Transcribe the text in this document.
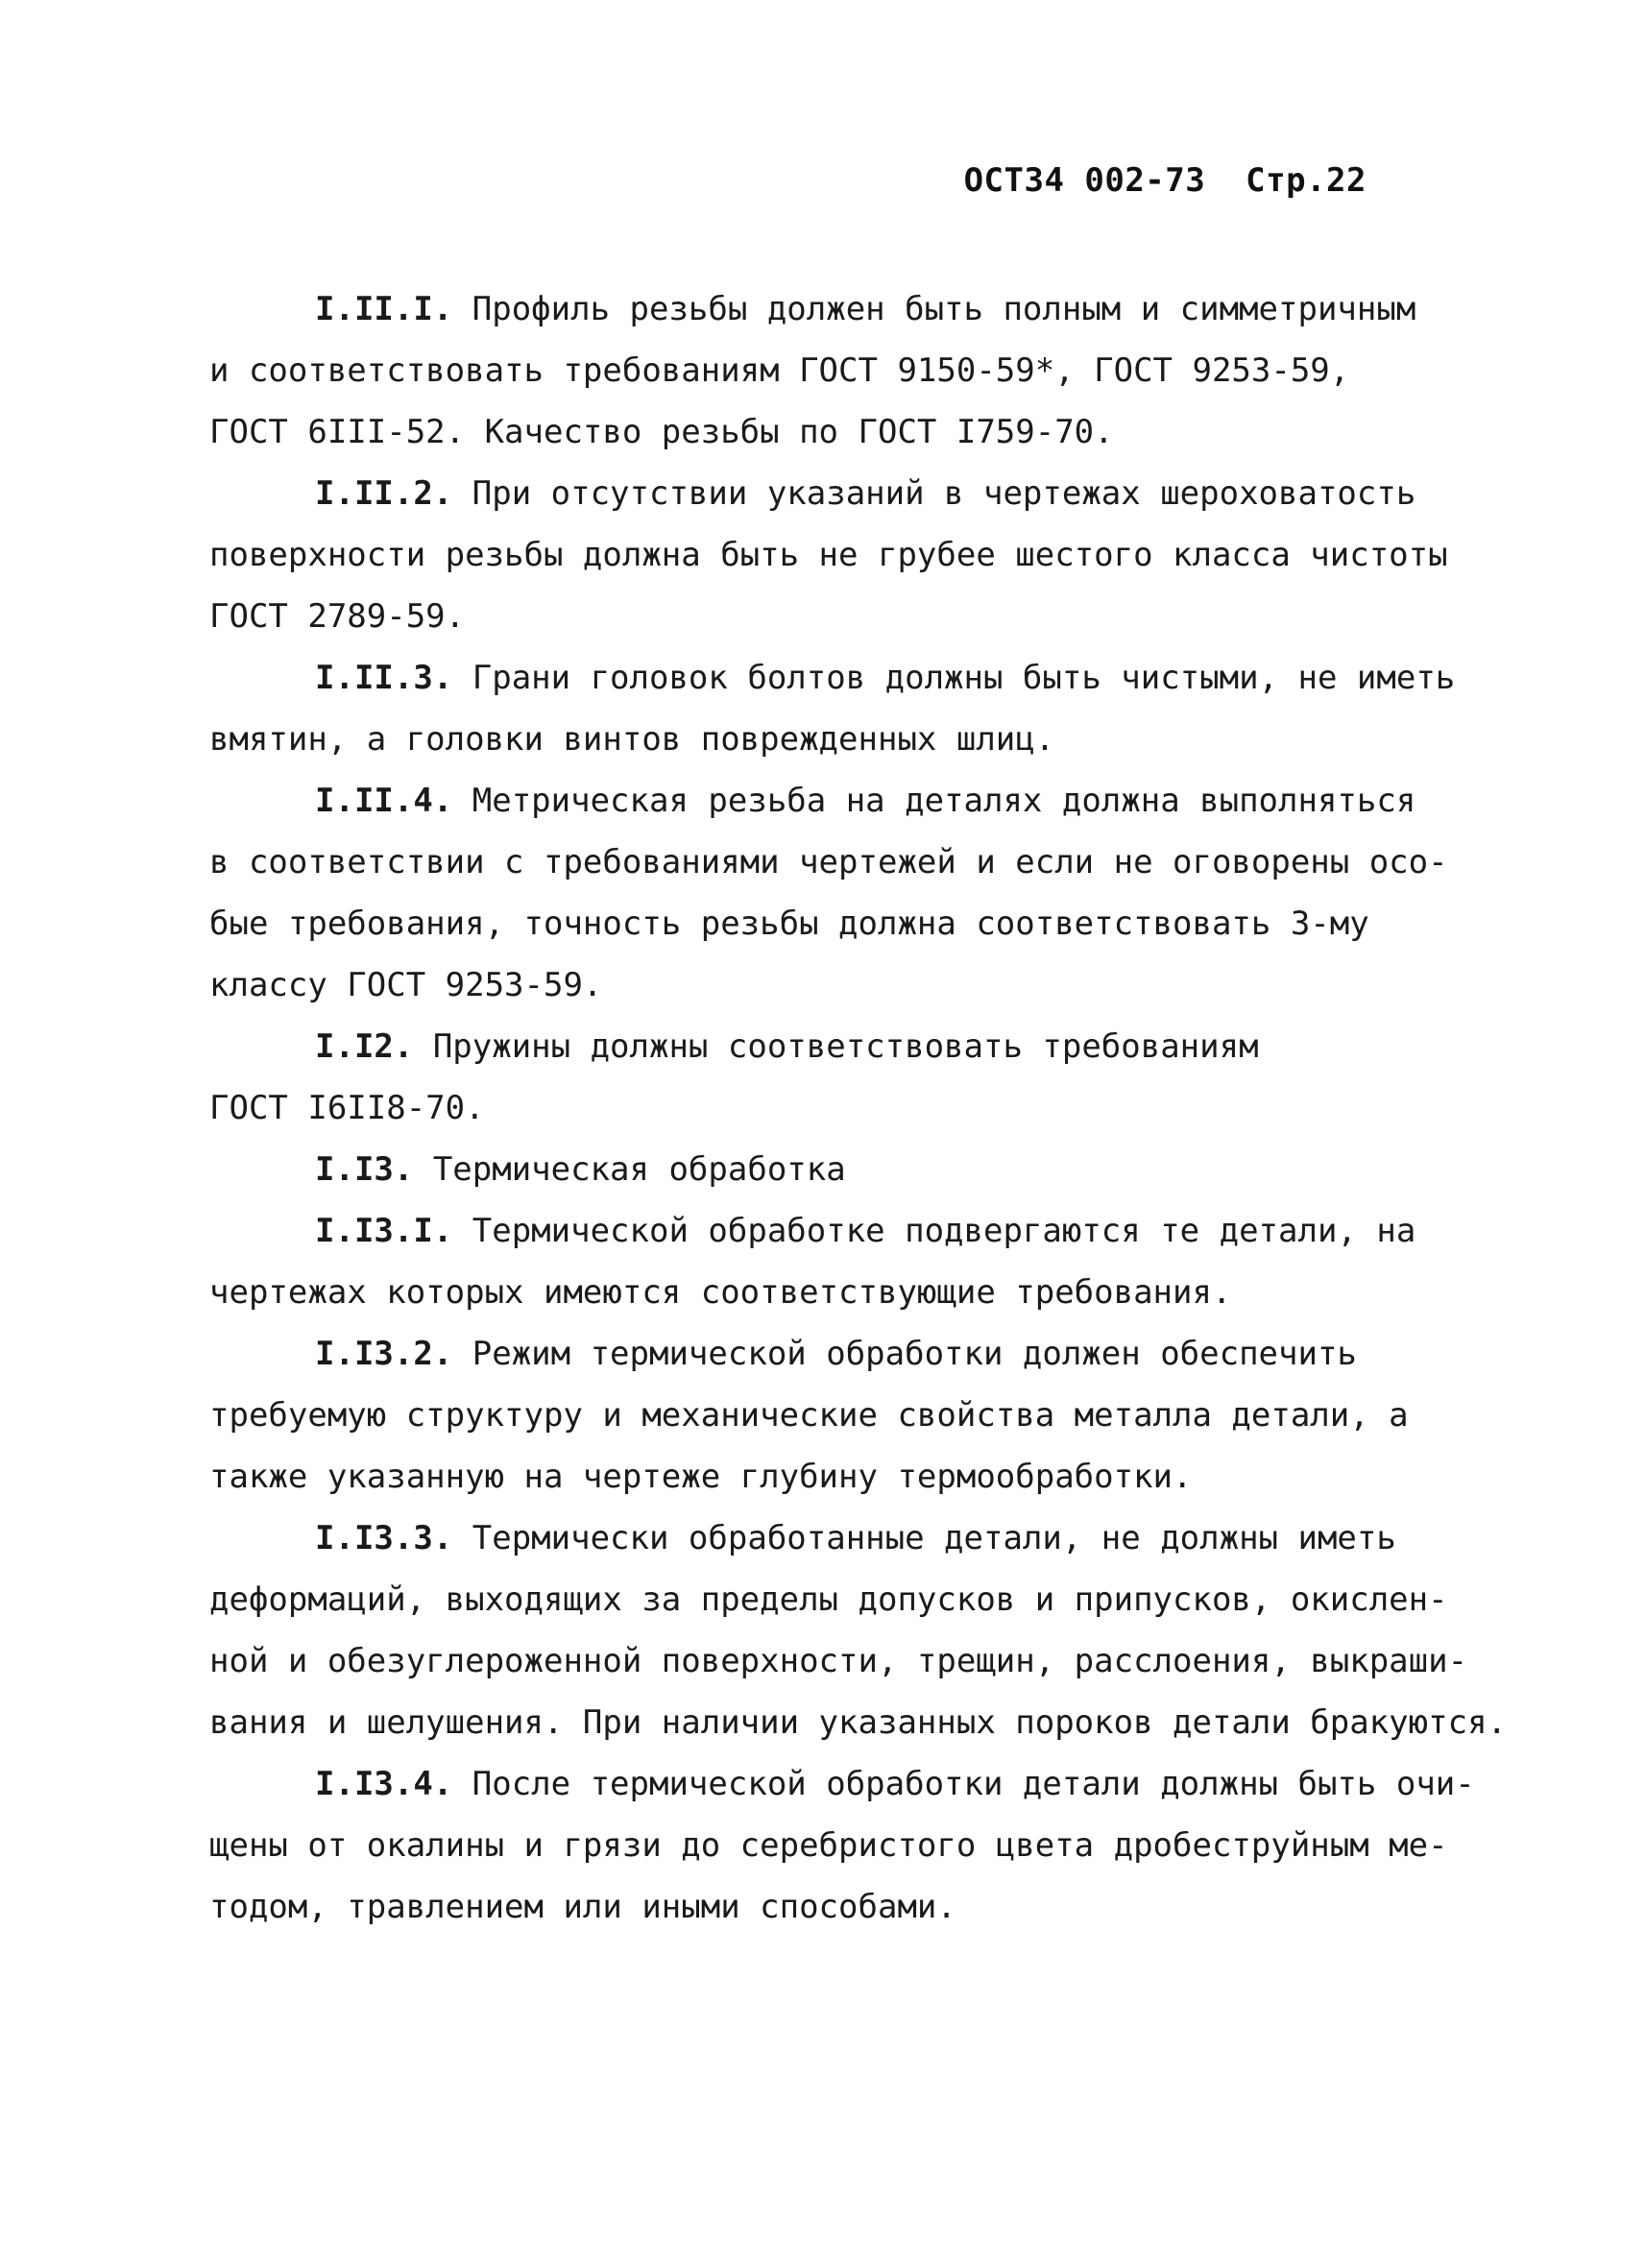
ОСТ34 002-73 Стр.22
I.II.I. Профиль резьбы должен быть полным и симметричным
и соответствовать требованиям ГОСТ 9150-59*, ГОСТ 9253-59,
ГОСТ 6III-52. Качество резьбы по ГОСТ I759-70.
I.II.2. При отсутствии указаний в чертежах шероховатость
поверхности резьбы должна быть не грубее шестого класса чистоты
ГОСТ 2789-59.
I.II.3. Грани головок болтов должны быть чистыми, не иметь
вмятин, а головки винтов поврежденных шлиц.
I.II.4. Метрическая резьба на деталях должна выполняться
в соответствии с требованиями чертежей и если не оговорены осо-
бые требования, точность резьбы должна соответствовать 3-му
классу ГОСТ 9253-59.
I.I2. Пружины должны соответствовать требованиям
ГОСТ I6II8-70.
I.I3. Термическая обработка
I.I3.I. Термической обработке подвергаются те детали, на
чертежах которых имеются соответствующие требования.
I.I3.2. Режим термической обработки должен обеспечить
требуемую структуру и механические свойства металла детали, а
также указанную на чертеже глубину термообработки.
I.I3.3. Термически обработанные детали, не должны иметь
деформаций, выходящих за пределы допусков и припусков, окислен-
ной и обезуглероженной поверхности, трещин, расслоения, выкраши-
вания и шелушения. При наличии указанных пороков детали бракуются.
I.I3.4. После термической обработки детали должны быть очи-
щены от окалины и грязи до серебристого цвета дробеструйным ме-
тодом, травлением или иными способами.
